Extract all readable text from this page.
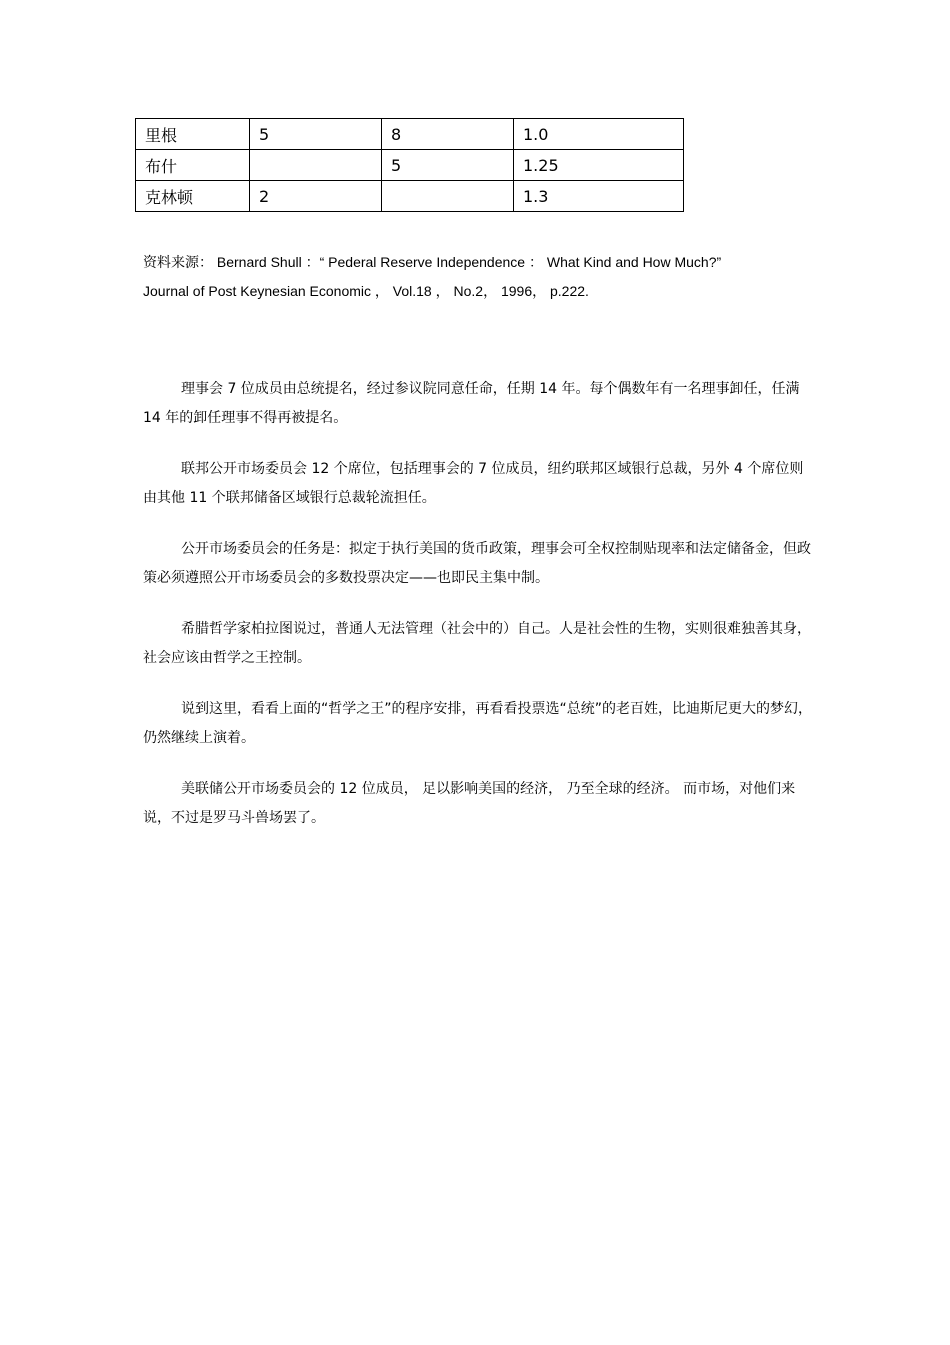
里根	5	8	1.0
布什		5	1.25
克林顿	2		1.3
资料来源： Bernard Shull ：“ Pederal Reserve Independence ： What Kind and How Much?”
Journal of Post Keynesian Economic ， Vol.18 ， No.2， 1996， p.222.

理事会 7 位成员由总统提名，经过参议院同意任命，任期 14 年。每个偶数年有一名理事卸任，任满 14 年的卸任理事不得再被提名。

联邦公开市场委员会 12 个席位，包括理事会的 7 位成员，纽约联邦区域银行总裁，另外 4 个席位则由其他 11 个联邦储备区域银行总裁轮流担任。

公开市场委员会的任务是：拟定于执行美国的货币政策，理事会可全权控制贴现率和法定储备金，但政策必须遵照公开市场委员会的多数投票决定——也即民主集中制。

希腊哲学家柏拉图说过，普通人无法管理（社会中的）自己。人是社会性的生物，实则很难独善其身，社会应该由哲学之王控制。

说到这里，看看上面的“哲学之王”的程序安排，再看看投票选“总统”的老百姓，比迪斯尼更大的梦幻，仍然继续上演着。

美联储公开市场委员会的 12 位成员， 足以影响美国的经济， 乃至全球的经济。 而市场，对他们来说，不过是罗马斗兽场罢了。
